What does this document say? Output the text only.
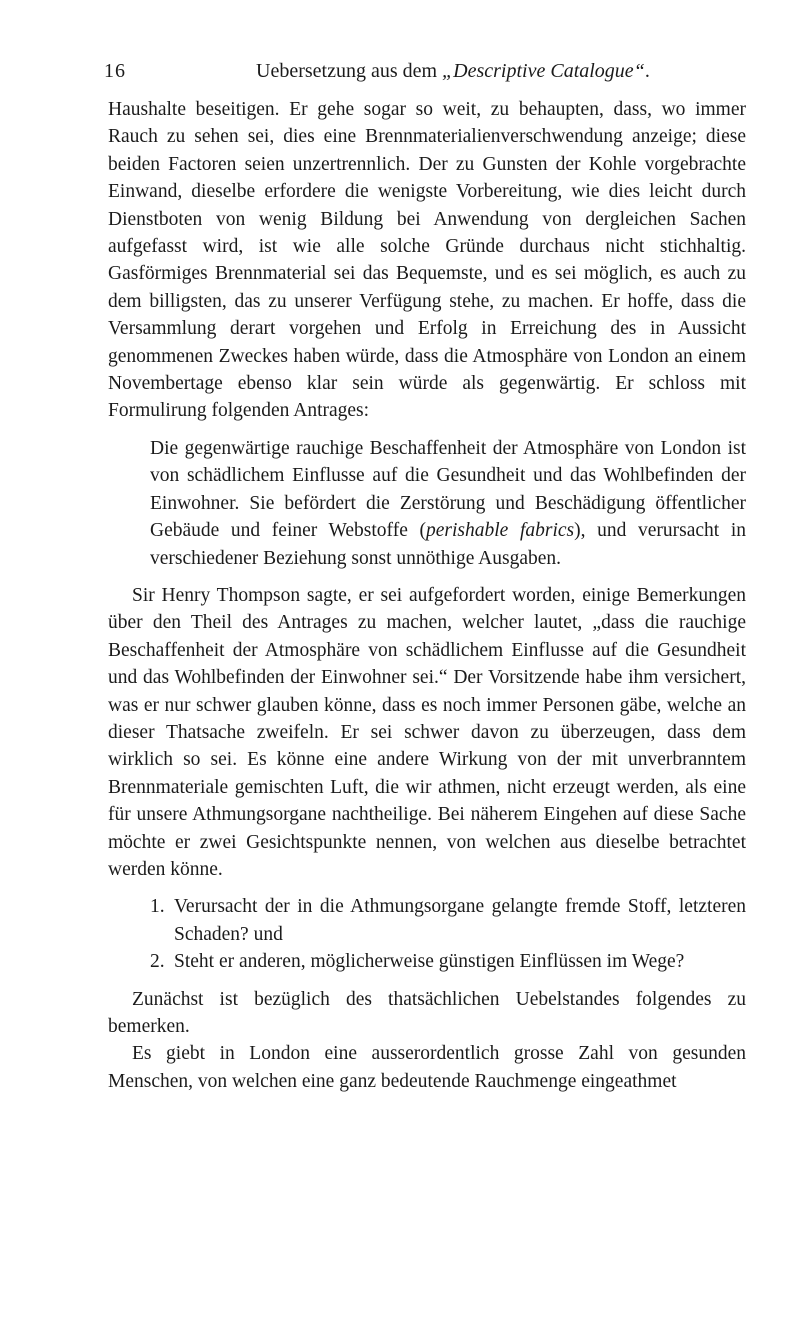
16	Uebersetzung aus dem „Descriptive Catalogue“.

Haushalte beseitigen. Er gehe sogar so weit, zu behaupten, dass, wo immer Rauch zu sehen sei, dies eine Brennmaterialienverschwendung anzeige; diese beiden Factoren seien unzertrennlich. Der zu Gunsten der Kohle vorgebrachte Einwand, dieselbe erfordere die wenigste Vorbereitung, wie dies leicht durch Dienstboten von wenig Bildung bei Anwendung von dergleichen Sachen aufgefasst wird, ist wie alle solche Gründe durchaus nicht stichhaltig. Gasförmiges Brennmaterial sei das Bequemste, und es sei möglich, es auch zu dem billigsten, das zu unserer Verfügung stehe, zu machen. Er hoffe, dass die Versammlung derart vorgehen und Erfolg in Erreichung des in Aussicht genommenen Zweckes haben würde, dass die Atmosphäre von London an einem Novembertage ebenso klar sein würde als gegenwärtig. Er schloss mit Formulirung folgenden Antrages:

Die gegenwärtige rauchige Beschaffenheit der Atmosphäre von London ist von schädlichem Einflusse auf die Gesundheit und das Wohlbefinden der Einwohner. Sie befördert die Zerstörung und Beschädigung öffentlicher Gebäude und feiner Webstoffe (perishable fabrics), und verursacht in verschiedener Beziehung sonst unnöthige Ausgaben.

Sir Henry Thompson sagte, er sei aufgefordert worden, einige Bemerkungen über den Theil des Antrages zu machen, welcher lautet, „dass die rauchige Beschaffenheit der Atmosphäre von schädlichem Einflusse auf die Gesundheit und das Wohlbefinden der Einwohner sei.“ Der Vorsitzende habe ihm versichert, was er nur schwer glauben könne, dass es noch immer Personen gäbe, welche an dieser Thatsache zweifeln. Er sei schwer davon zu überzeugen, dass dem wirklich so sei. Es könne eine andere Wirkung von der mit unverbranntem Brennmateriale gemischten Luft, die wir athmen, nicht erzeugt werden, als eine für unsere Athmungsorgane nachtheilige. Bei näherem Eingehen auf diese Sache möchte er zwei Gesichtspunkte nennen, von welchen aus dieselbe betrachtet werden könne.

1. Verursacht der in die Athmungsorgane gelangte fremde Stoff, letzteren Schaden? und
2. Steht er anderen, möglicherweise günstigen Einflüssen im Wege?

Zunächst ist bezüglich des thatsächlichen Uebelstandes folgendes zu bemerken.

Es giebt in London eine ausserordentlich grosse Zahl von gesunden Menschen, von welchen eine ganz bedeutende Rauchmenge eingeathmet
